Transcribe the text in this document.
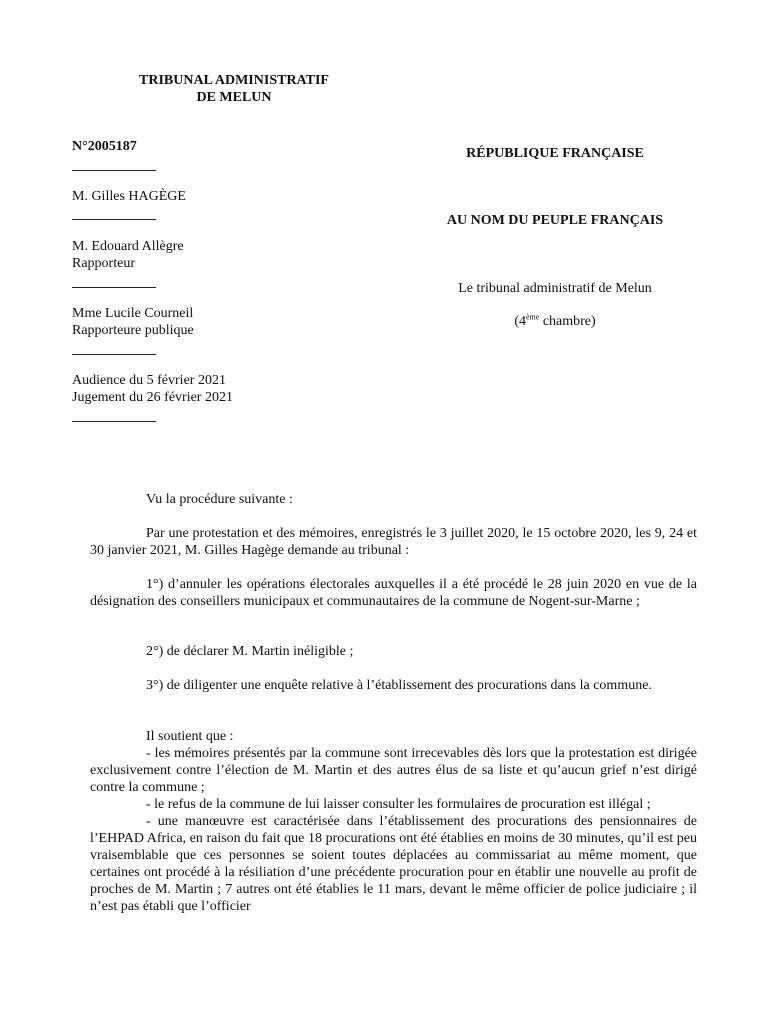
TRIBUNAL ADMINISTRATIF
DE MELUN
N°2005187
M. Gilles HAGÈGE
M. Edouard Allègre
Rapporteur
Mme Lucile Courneil
Rapporteure publique
Audience du 5 février 2021
Jugement du 26 février 2021
RÉPUBLIQUE FRANÇAISE
AU NOM DU PEUPLE FRANÇAIS
Le tribunal administratif de Melun
(4ème chambre)

Vu la procédure suivante :

Par une protestation et des mémoires, enregistrés le 3 juillet 2020, le 15 octobre 2020, les 9, 24 et 30 janvier 2021, M. Gilles Hagège demande au tribunal :

1°) d’annuler les opérations électorales auxquelles il a été procédé le 28 juin 2020 en vue de la désignation des conseillers municipaux et communautaires de la commune de Nogent-sur-Marne ;

2°) de déclarer M. Martin inéligible ;

3°) de diligenter une enquête relative à l’établissement des procurations dans la commune.

Il soutient que :

- les mémoires présentés par la commune sont irrecevables dès lors que la protestation est dirigée exclusivement contre l’élection de M. Martin et des autres élus de sa liste et qu’aucun grief n’est dirigé contre la commune ;

- le refus de la commune de lui laisser consulter les formulaires de procuration est illégal ;

- une manœuvre est caractérisée dans l’établissement des procurations des pensionnaires de l’EHPAD Africa, en raison du fait que 18 procurations ont été établies en moins de 30 minutes, qu’il est peu vraisemblable que ces personnes se soient toutes déplacées au commissariat au même moment, que certaines ont procédé à la résiliation d’une précédente procuration pour en établir une nouvelle au profit de proches de M. Martin ; 7 autres ont été établies le 11 mars, devant le même officier de police judiciaire ; il n’est pas établi que l’officier
